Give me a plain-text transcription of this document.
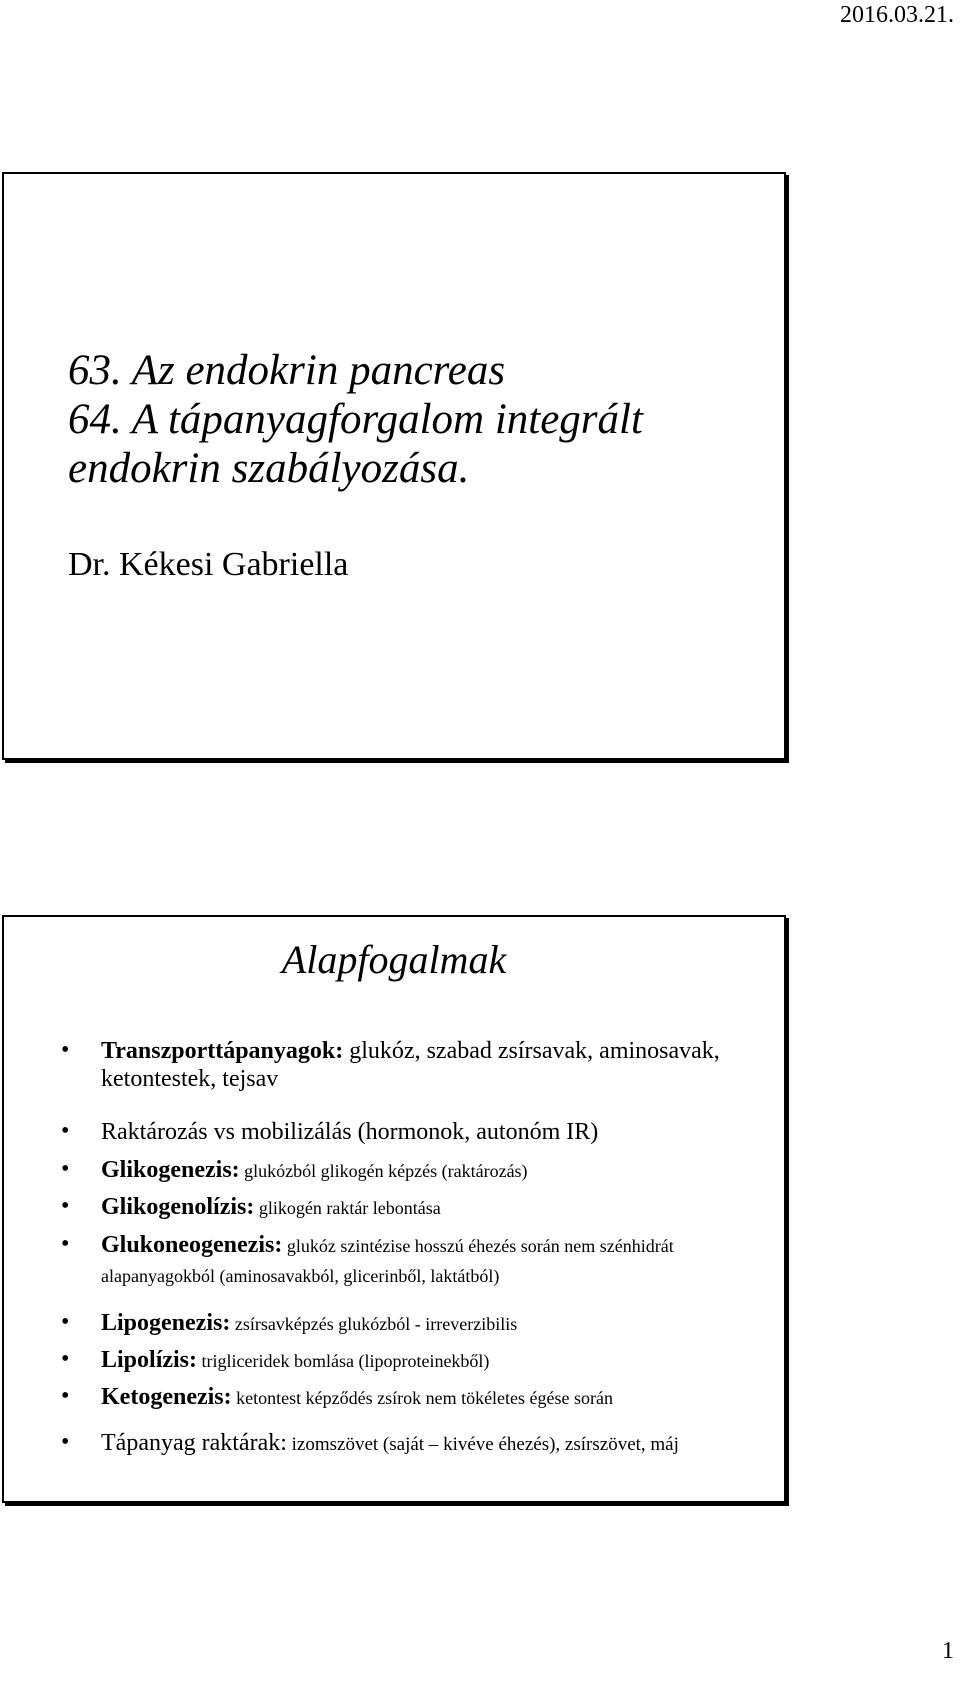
2016.03.21.
63. Az endokrin pancreas
64. A tápanyagforgalom integrált
endokrin szabályozása.
Dr. Kékesi Gabriella
Alapfogalmak
• Transzporttápanyagok: glukóz, szabad zsírsavak, aminosavak, ketontestek, tejsav
• Raktározás vs mobilizálás (hormonok, autonóm IR)
• Glikogenezis: glukózból glikogén képzés (raktározás)
• Glikogenolízis: glikogén raktár lebontása
• Glukoneogenezis: glukóz szintézise hosszú éhezés során nem szénhidrát alapanyagokból (aminosavakból, glicerinből, laktátból)
• Lipogenezis: zsírsavképzés glukózból - irreverzibilis
• Lipolízis: trigliceridek bomlása (lipoproteinekből)
• Ketogenezis: ketontest képződés zsírok nem tökéletes égése során
• Tápanyag raktárak: izomszövet (saját – kivéve éhezés), zsírszövet, máj
1
